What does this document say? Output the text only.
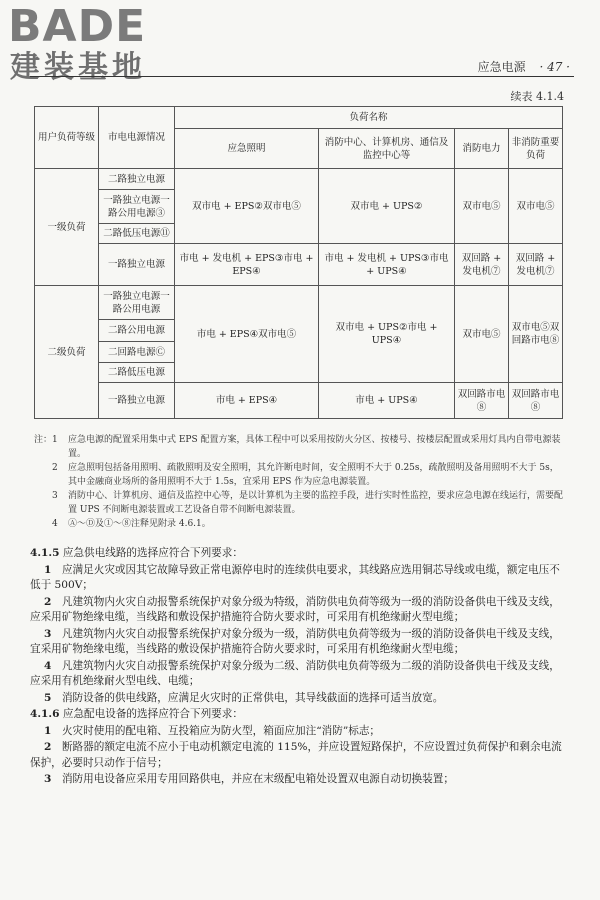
BADE
建装基地	应急电源 · 47 ·
续表 4.1.4
用户负荷等级	市电电源情况	负荷名称			
		应急照明	消防中心、计算机房、通信及监控中心等	消防电力	非消防重要负荷
一级负荷	二路独立电源	双市电 + EPS②双市电⑤	双市电 + UPS②	双市电⑤	双市电⑤
	一路独立电源一路公用电源③				
	二路低压电源⑪				
	一路独立电源	市电 + 发电机 + EPS③市电 + EPS④	市电 + 发电机 + UPS③市电 + UPS④	双回路 + 发电机⑦	双回路 + 发电机⑦
二级负荷	一路独立电源一路公用电源	市电 + EPS④双市电⑤	双市电 + UPS②市电 + UPS④	双市电⑤	双市电⑤双回路市电⑧
	二路公用电源				
	二回路电源Ⓒ				
	二路低压电源				
	一路独立电源	市电 + EPS④	市电 + UPS④	双回路市电⑧	双回路市电⑧
注： 1 应急电源的配置采用集中式 EPS 配置方案，具体工程中可以采用按防火分区、按楼号、按楼层配置或采用灯具内自带电源装置。
2 应急照明包括备用照明、疏散照明及安全照明，其允许断电时间，安全照明不大于 0.25s，疏散照明及备用照明不大于 5s，其中金融商业场所的备用照明不大于 1.5s，宜采用 EPS 作为应急电源装置。
3 消防中心、计算机房、通信及监控中心等，是以计算机为主要的监控手段，进行实时性监控，要求应急电源在线运行，需要配置 UPS 不间断电源装置或工艺设备自带不间断电源装置。
4 Ⓐ～Ⓓ及①～⑧注释见附录 4.6.1。

4.1.5 应急供电线路的选择应符合下列要求：

1　 应满足火灾或因其它故障导致正常电源停电时的连续供电要求，其线路应选用铜芯导线或电缆，额定电压不低于 500V；

2　 凡建筑物内火灾自动报警系统保护对象分级为特级，消防供电负荷等级为一级的消防设备供电干线及支线，应采用矿物绝缘电缆，当线路和敷设保护措施符合防火要求时，可采用有机绝缘耐火型电缆；

3　 凡建筑物内火灾自动报警系统保护对象分级为一级，消防供电负荷等级为一级的消防设备供电干线及支线，宜采用矿物绝缘电缆，当线路的敷设保护措施符合防火要求时，可采用有机绝缘耐火型电缆；

4　 凡建筑物内火灾自动报警系统保护对象分级为二级、消防供电负荷等级为二级的消防设备供电干线及支线，应采用有机绝缘耐火型电线、电缆；

5　 消防设备的供电线路，应满足火灾时的正常供电，其导线截面的选择可适当放宽。

4.1.6 应急配电设备的选择应符合下列要求：

1　 火灾时使用的配电箱、互投箱应为防火型，箱面应加注“消防”标志；

2　 断路器的额定电流不应小于电动机额定电流的 115%，并应设置短路保护，不应设置过负荷保护和剩余电流保护，必要时只动作于信号；

3　 消防用电设备应采用专用回路供电，并应在末级配电箱处设置双电源自动切换装置；
